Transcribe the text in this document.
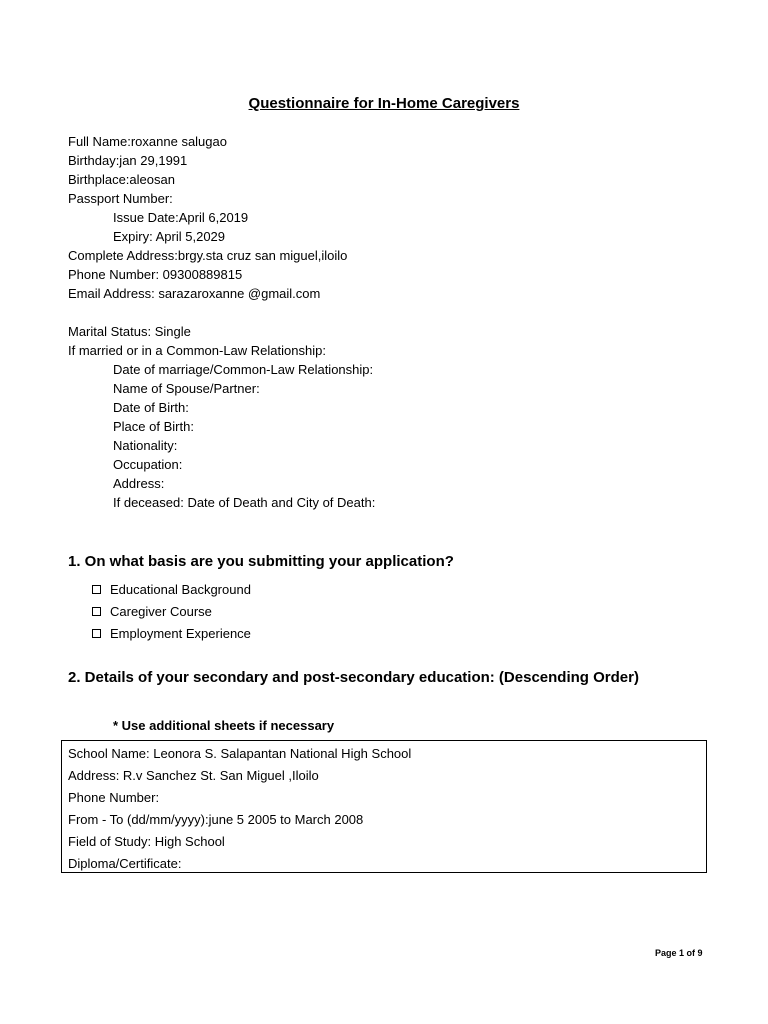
Questionnaire for In-Home Caregivers
Full Name:roxanne salugao
Birthday:jan 29,1991
Birthplace:aleosan
Passport Number:
Issue Date:April 6,2019
Expiry: April 5,2029
Complete Address:brgy.sta cruz san miguel,iloilo
Phone Number: 09300889815
Email Address: sarazaroxanne @gmail.com
Marital Status: Single
If married or in a Common-Law Relationship:
Date of marriage/Common-Law Relationship:
Name of Spouse/Partner:
Date of Birth:
Place of Birth:
Nationality:
Occupation:
Address:
If deceased: Date of Death and City of Death:
1. On what basis are you submitting your application?
Educational Background
Caregiver Course
Employment Experience
2. Details of your secondary and post-secondary education: (Descending Order)
* Use additional sheets if necessary
School Name: Leonora S. Salapantan National High School
Address: R.v Sanchez St. San Miguel ,Iloilo
Phone Number:
From - To (dd/mm/yyyy):june 5 2005 to March 2008
Field of Study: High School
Diploma/Certificate:
Page 1 of 9
